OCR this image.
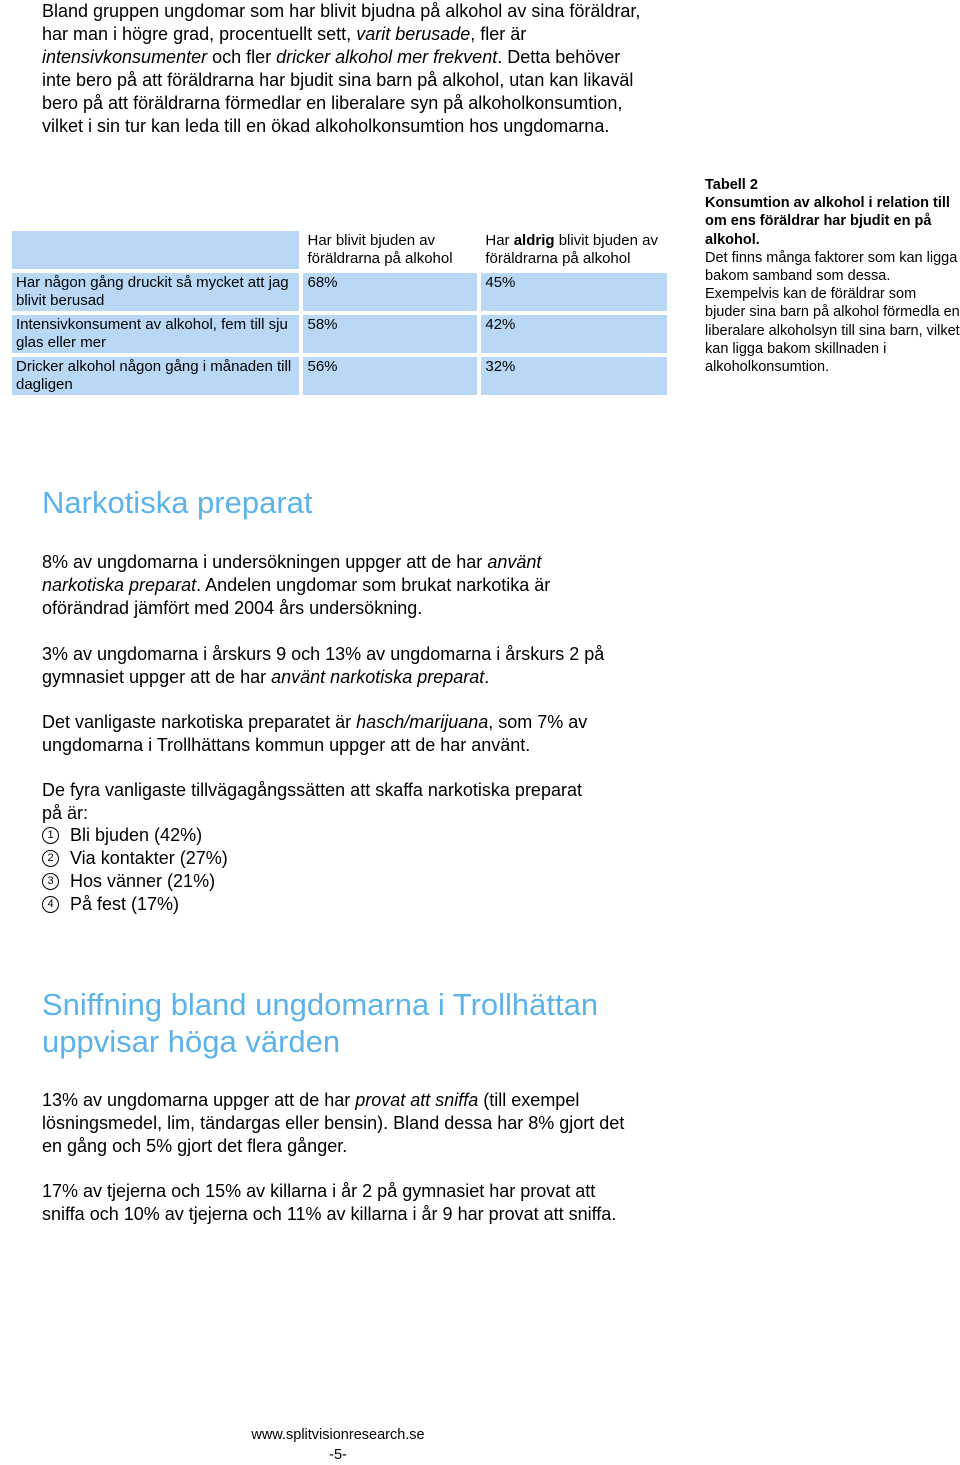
Bland gruppen ungdomar som har blivit bjudna på alkohol av sina föräldrar, har man i högre grad, procentuellt sett, varit berusade, fler är intensivkonsumenter och fler dricker alkohol mer frekvent. Detta behöver inte bero på att föräldrarna har bjudit sina barn på alkohol, utan kan likaväl bero på att föräldrarna förmedlar en liberalare syn på alkoholkonsumtion, vilket i sin tur kan leda till en ökad alkoholkonsumtion hos ungdomarna.

	Har blivit bjuden av föräldrarna på alkohol	Har aldrig blivit bjuden av föräldrarna på alkohol
Har någon gång druckit så mycket att jag blivit berusad	68%	45%
Intensivkonsument av alkohol, fem till sju glas eller mer	58%	42%
Dricker alkohol någon gång i månaden till dagligen	56%	32%
Tabell 2
Konsumtion av alkohol i relation till om ens föräldrar har bjudit en på alkohol.
Det finns många faktorer som kan ligga bakom samband som dessa. Exempelvis kan de föräldrar som bjuder sina barn på alkohol förmedla en liberalare alkoholsyn till sina barn, vilket kan ligga bakom skillnaden i alkoholkonsumtion.
Narkotiska preparat

8% av ungdomarna i undersökningen uppger att de har använt narkotiska preparat. Andelen ungdomar som brukat narkotika är oförändrad jämfört med 2004 års undersökning.

3% av ungdomarna i årskurs 9 och 13% av ungdomarna i årskurs 2 på gymnasiet uppger att de har använt narkotiska preparat.

Det vanligaste narkotiska preparatet är hasch/marijuana, som 7% av ungdomarna i Trollhättans kommun uppger att de har använt.

De fyra vanligaste tillvägagångssätten att skaffa narkotiska preparat på är:

1 Bli bjuden (42%)
2 Via kontakter (27%)
3 Hos vänner (21%)
4 På fest (17%)
Sniffning bland ungdomarna i Trollhättan uppvisar höga värden

13% av ungdomarna uppger att de har provat att sniffa (till exempel lösningsmedel, lim, tändargas eller bensin). Bland dessa har 8% gjort det en gång och 5% gjort det flera gånger.

17% av tjejerna och 15% av killarna i år 2 på gymnasiet har provat att sniffa och 10% av tjejerna och 11% av killarna i år 9 har provat att sniffa.

www.splitvisionresearch.se
-5-
